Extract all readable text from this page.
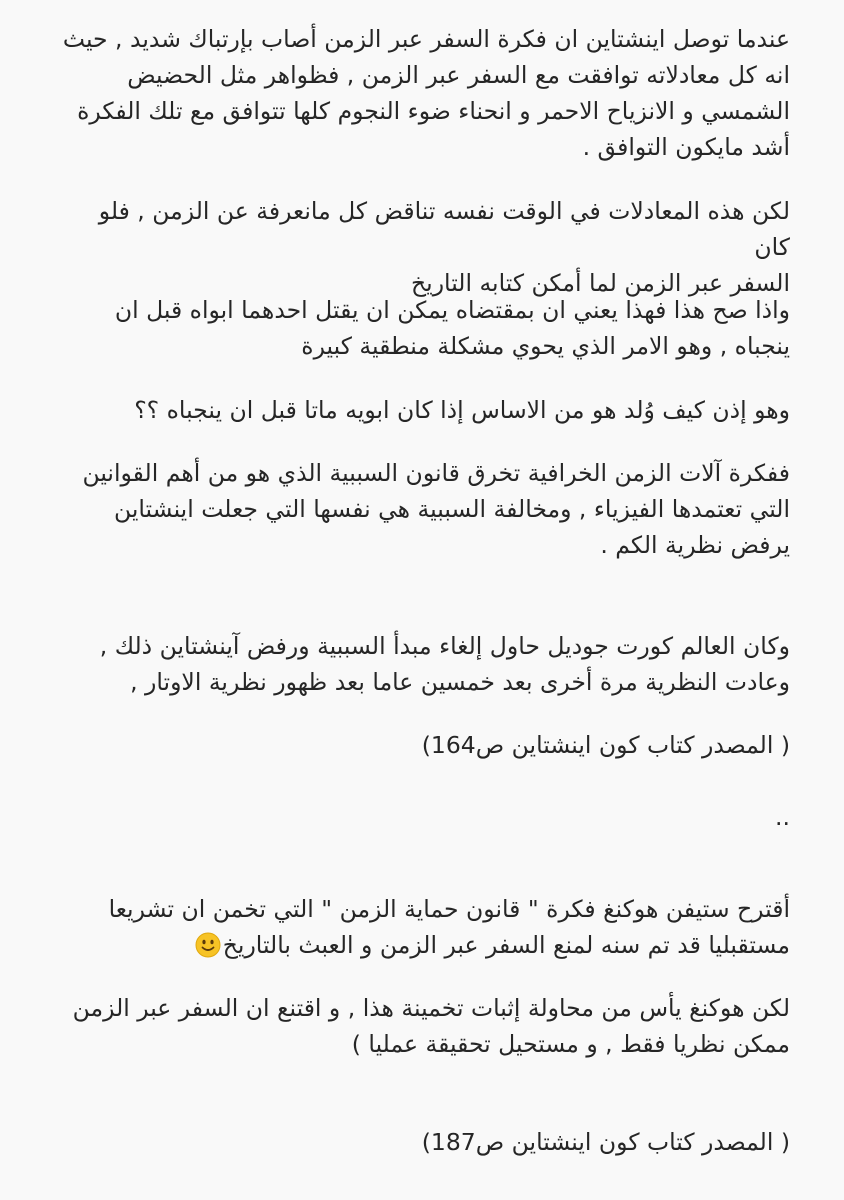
عندما توصل اينشتاين ان فكرة السفر عبر الزمن أصاب بإرتباك شديد , حيث
انه كل معادلاته توافقت مع السفر عبر الزمن , فظواهر مثل الحضيض
الشمسي و الانزياح الاحمر و انحناء ضوء النجوم كلها تتوافق مع تلك الفكرة
أشد مايكون التوافق .

لكن هذه المعادلات في الوقت نفسه تناقض كل مانعرفة عن الزمن , فلو كان
السفر عبر الزمن لما أمكن كتابه التاريخ

واذا صح هذا فهذا يعني ان بمقتضاه يمكن ان يقتل احدهما ابواه قبل ان
ينجباه , وهو الامر الذي يحوي مشكلة منطقية كبيرة

وهو إذن كيف وُلد هو من الاساس إذا كان ابويه ماتا قبل ان ينجباه ؟؟

ففكرة آلات الزمن الخرافية تخرق قانون السببية الذي هو من أهم القوانين
التي تعتمدها الفيزياء , ومخالفة السببية هي نفسها التي جعلت اينشتاين
يرفض نظرية الكم .

وكان العالم كورت جوديل حاول إلغاء مبدأ السببية ورفض آينشتاين ذلك ,
وعادت النظرية مرة أخرى بعد خمسين عاما بعد ظهور نظرية الاوتار ,

( المصدر كتاب كون اينشتاين ص164)

..

أقترح ستيفن هوكنغ فكرة " قانون حماية الزمن " التي تخمن ان تشريعا
مستقبليا قد تم سنه لمنع السفر عبر الزمن و العبث بالتاريخ

لكن هوكنغ يأس من محاولة إثبات تخمينة هذا , و اقتنع ان السفر عبر الزمن
ممكن نظريا فقط , و مستحيل تحقيقة عمليا )

( المصدر كتاب كون اينشتاين ص187)
